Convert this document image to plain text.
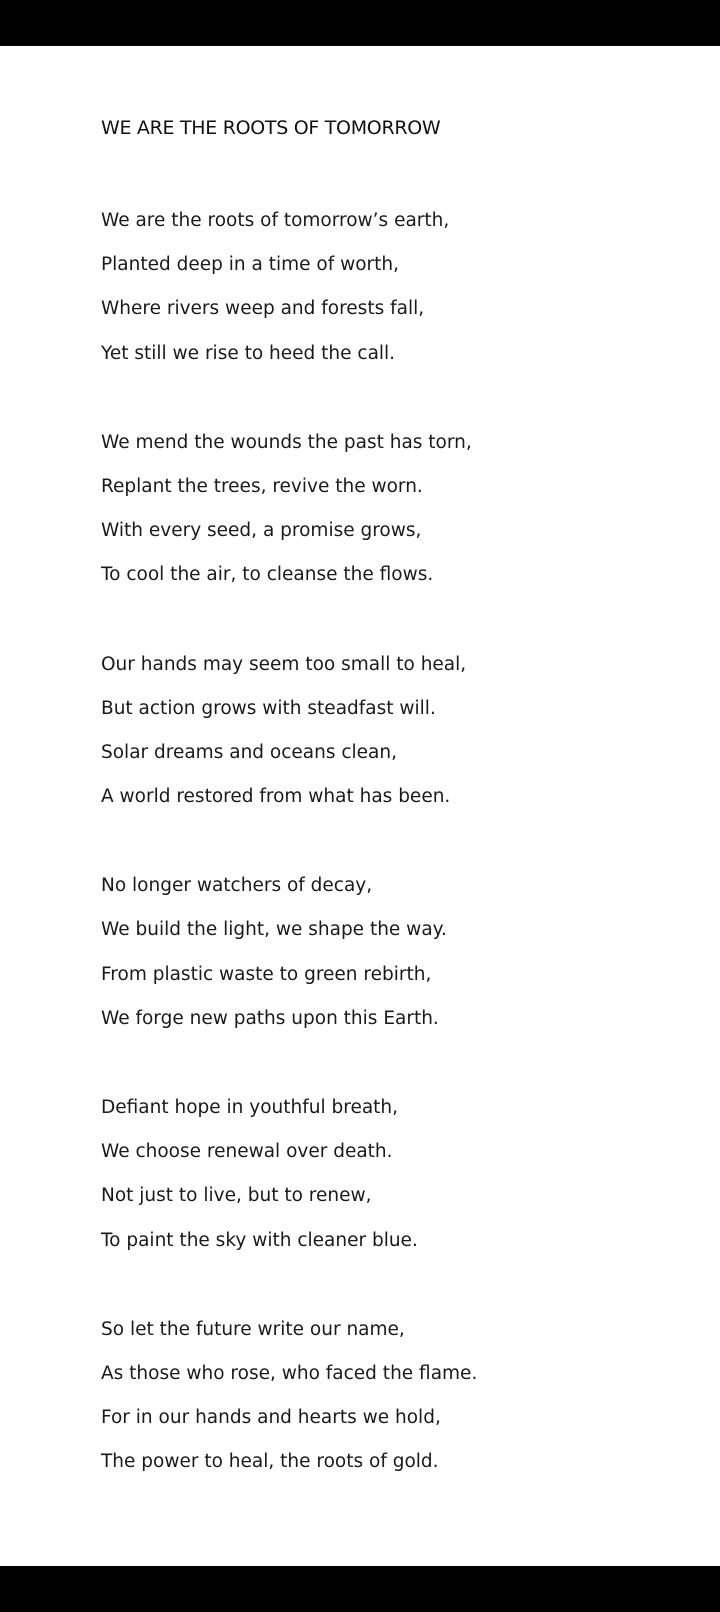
WE ARE THE ROOTS OF TOMORROW
We are the roots of tomorrow’s earth,
Planted deep in a time of worth,
Where rivers weep and forests fall,
Yet still we rise to heed the call.
We mend the wounds the past has torn,
Replant the trees, revive the worn.
With every seed, a promise grows,
To cool the air, to cleanse the flows.
Our hands may seem too small to heal,
But action grows with steadfast will.
Solar dreams and oceans clean,
A world restored from what has been.
No longer watchers of decay,
We build the light, we shape the way.
From plastic waste to green rebirth,
We forge new paths upon this Earth.
Defiant hope in youthful breath,
We choose renewal over death.
Not just to live, but to renew,
To paint the sky with cleaner blue.
So let the future write our name,
As those who rose, who faced the flame.
For in our hands and hearts we hold,
The power to heal, the roots of gold.
